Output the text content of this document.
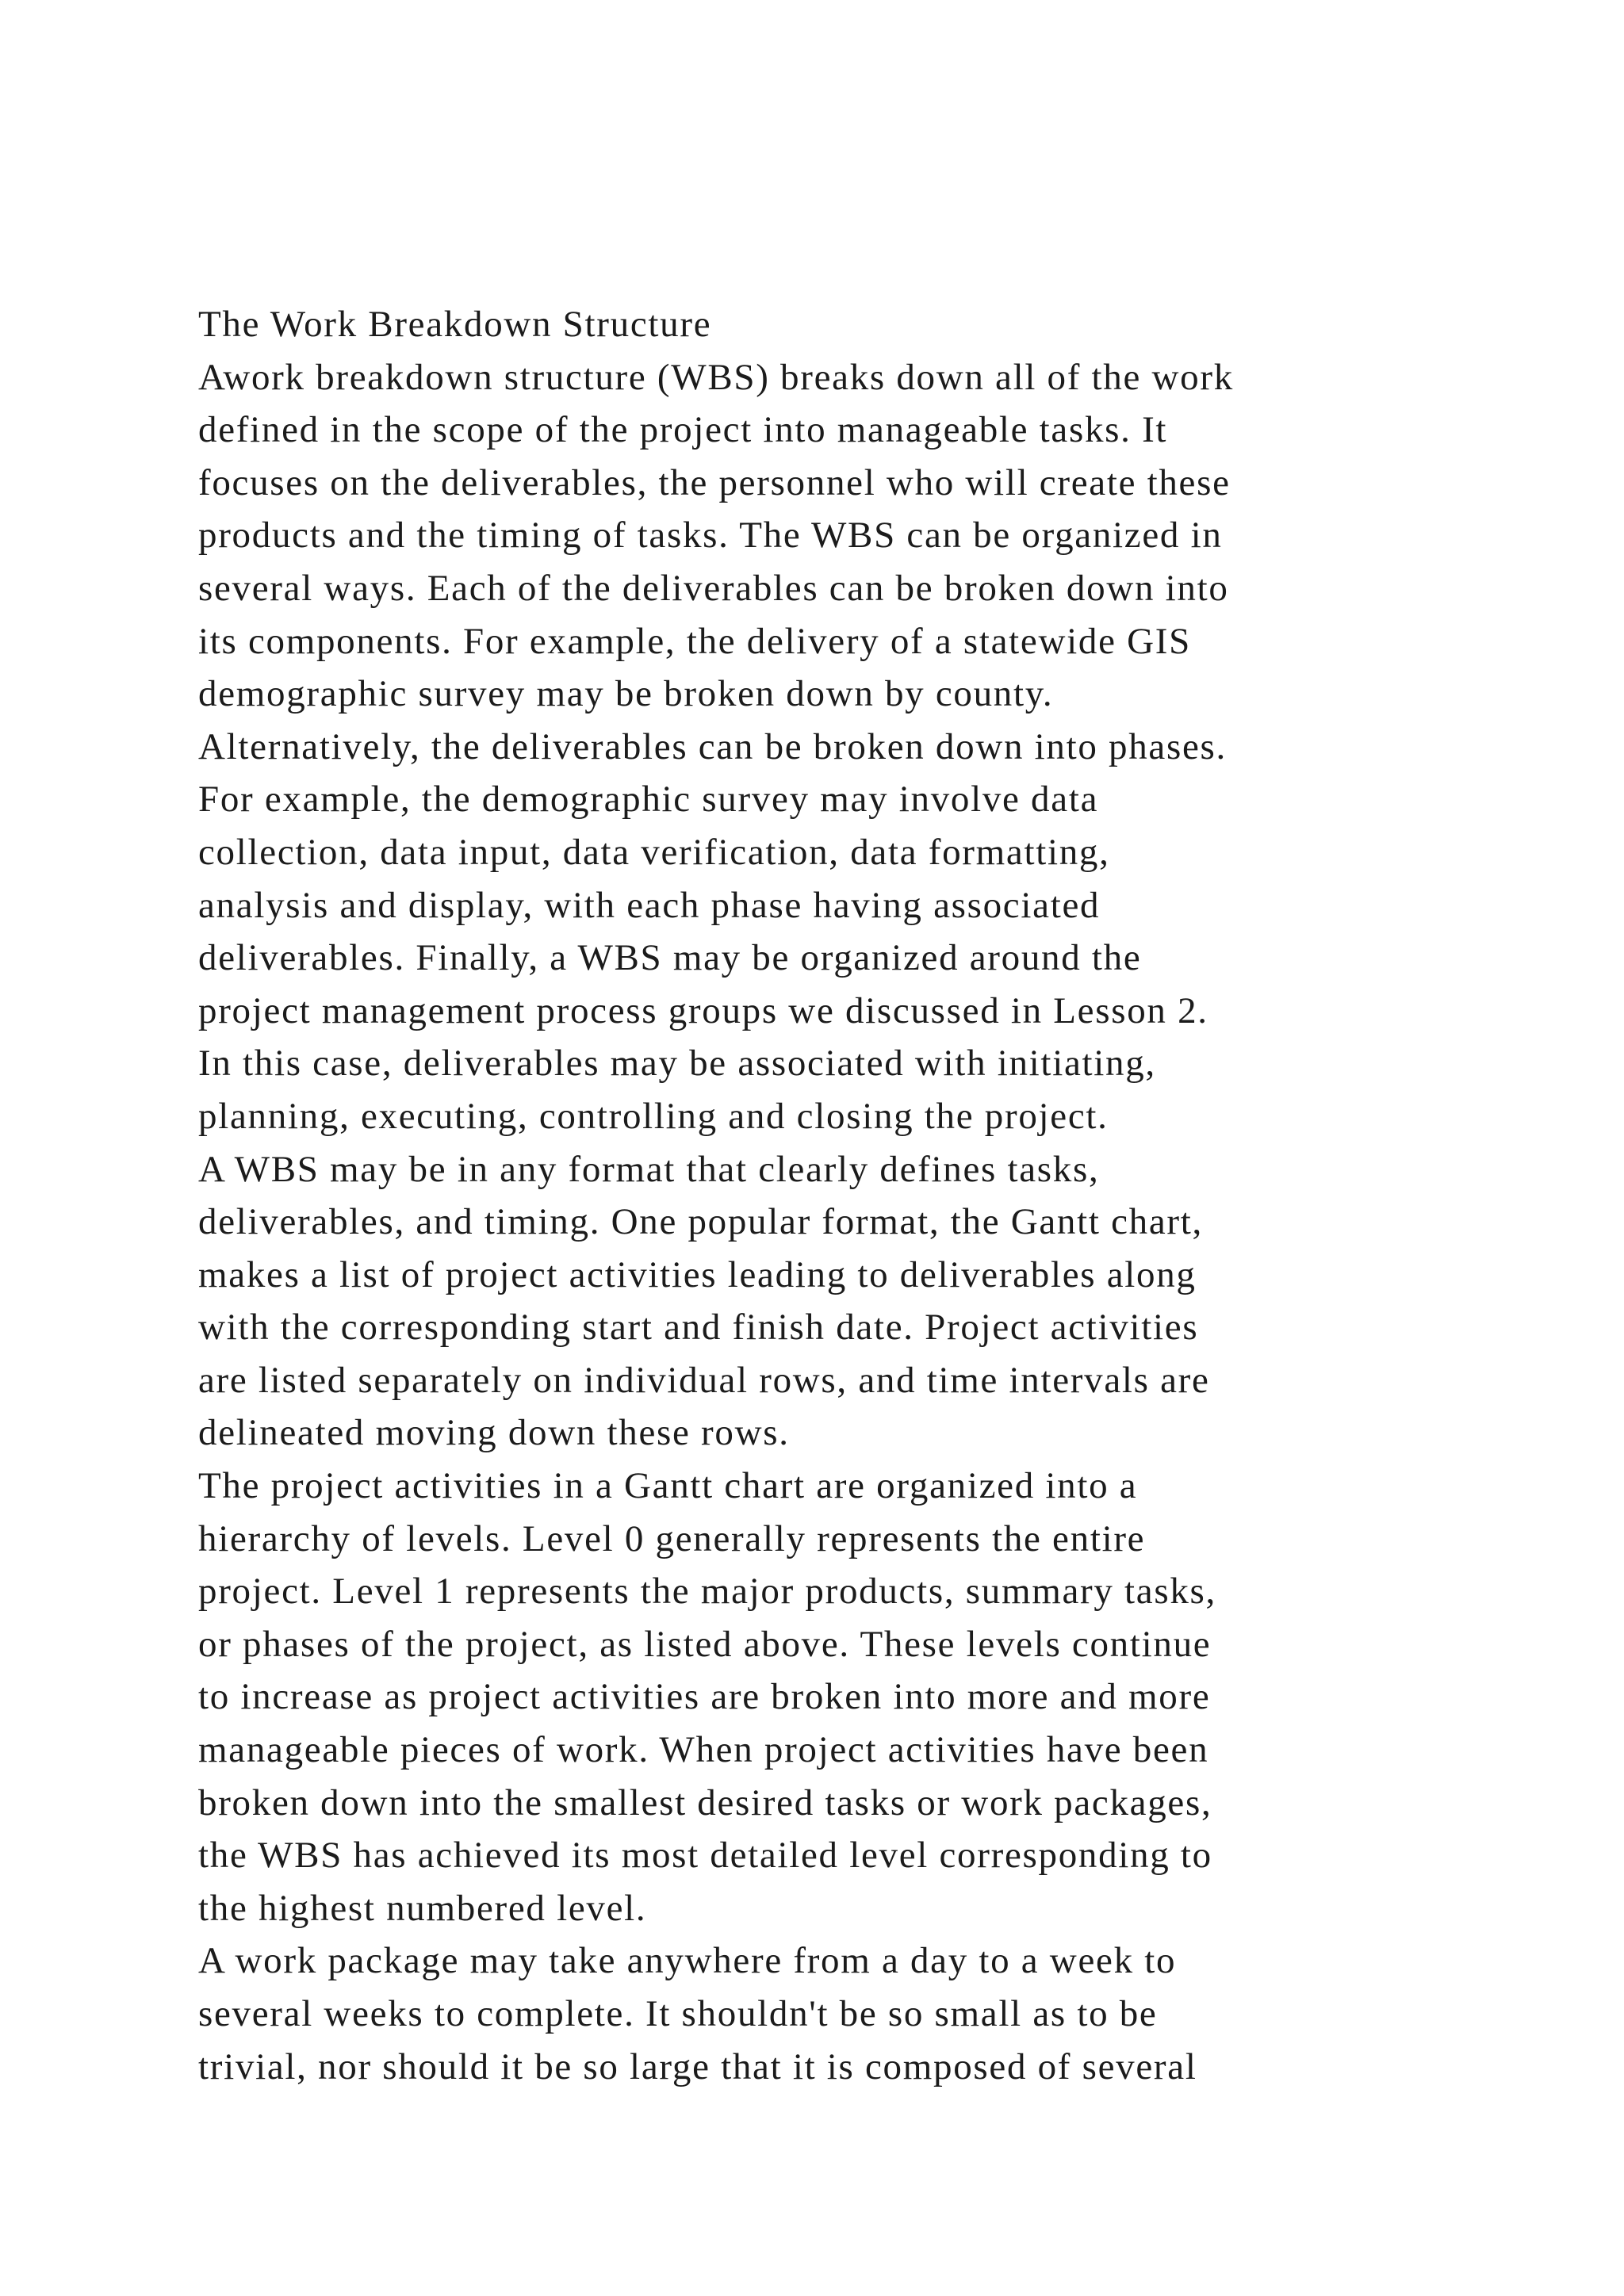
The Work Breakdown Structure
Awork breakdown structure (WBS) breaks down all of the work
defined in the scope of the project into manageable tasks. It
focuses on the deliverables, the personnel who will create these
products and the timing of tasks. The WBS can be organized in
several ways. Each of the deliverables can be broken down into
its components. For example, the delivery of a statewide GIS
demographic survey may be broken down by county.
Alternatively, the deliverables can be broken down into phases.
For example, the demographic survey may involve data
collection, data input, data verification, data formatting,
analysis and display, with each phase having associated
deliverables. Finally, a WBS may be organized around the
project management process groups we discussed in Lesson 2.
In this case, deliverables may be associated with initiating,
planning, executing, controlling and closing the project.
A WBS may be in any format that clearly defines tasks,
deliverables, and timing. One popular format, the Gantt chart,
makes a list of project activities leading to deliverables along
with the corresponding start and finish date. Project activities
are listed separately on individual rows, and time intervals are
delineated moving down these rows.
The project activities in a Gantt chart are organized into a
hierarchy of levels. Level 0 generally represents the entire
project. Level 1 represents the major products, summary tasks,
or phases of the project, as listed above. These levels continue
to increase as project activities are broken into more and more
manageable pieces of work. When project activities have been
broken down into the smallest desired tasks or work packages,
the WBS has achieved its most detailed level corresponding to
the highest numbered level.
A work package may take anywhere from a day to a week to
several weeks to complete. It shouldn't be so small as to be
trivial, nor should it be so large that it is composed of several
